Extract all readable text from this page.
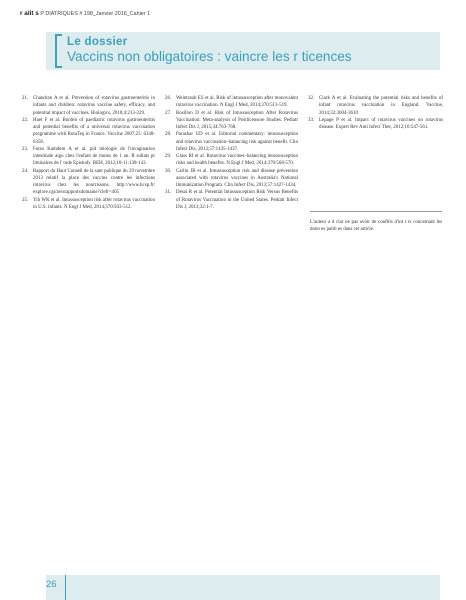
r alit s P DIATRIQUES # 198_Janvier 2016_Cahier 1
Le dossier
Vaccins non obligatoires : vaincre les r ticences
21. Chandran A et al. Prevention of rotavirus gastroenteritis in infants and children: rotavirus vaccine safety, efficacy, and potential impact of vaccines. Biologics, 2010;4:213-229.
22. Huet F et al. Burden of paediatric rotavirus gastroenteritis and potential benefits of a universal rotavirus vaccination programme with RotaTeq in France. Vaccine 2007;25: 6348-6358.
23. Fotso Kamdem A et al. pid miologie de l'invagination intestinale aigu chez l'enfant de moins de 1 an. R sultats pr liminaires de l' tude Epistudy. BEH, 2012;10-11:138-143.
24. Rapport du Haut Conseil de la sant publique du 29 novembre 2013 relatif la place des vaccins contre les infections rotavirus chez les nourrissons. http://www.hcsp.fr/ explore.cgi/avisrapportsdomaine?clefr=405
25. Yih WK et al. Intussusception risk after rotavirus vaccination in U.S. infants. N Engl J Med, 2014;370:503-512.
26. Weintraub ES et al. Risk of intussusception after monovalent rotavirus vaccination. N Engl J Med, 2014;370:513-519.
27. Rosillon D et al. Risk of Intussusception After Rotavirus Vaccination: Meta-analysis of Postlicensure Studies. Pediatr Infect Dis J, 2015;34:763-768.
28. Parashar UD et al. Editorial commentary: intussusception and rotavirus vaccination–balancing risk against benefit. Clin Infect Dis, 2013;57:1435-1437.
29. Glass RI et al. Rotavirus vaccines–balancing intussusception risks and health benefits. N Engl J Med, 2014;370:568-570.
30. Carlin JB et al. Intussusception risk and disease prevention associated with rotavirus vaccines in Australia's National Immunization Program. Clin Infect Dis, 2013;57:1427-1434.
31. Desai R et al. Potential Intussusception Risk Versus Benefits of Rotavirus Vaccination in the United States. Pediatr Infect Dis J, 2013;32:1-7.
32. Clark A et al. Evaluating the potential risks and benefits of infant rotavirus vaccination in England. Vaccine, 2014;32:3604-3610
33. Lepage P et al. Impact of rotavirus vaccines on rotavirus disease. Expert Rev Anti Infect Ther, 2012;10:547-561.
L'auteur a d clar ne pas avoir de conflits d'int r ts concernant les donn es publi es dans cet article.
26
